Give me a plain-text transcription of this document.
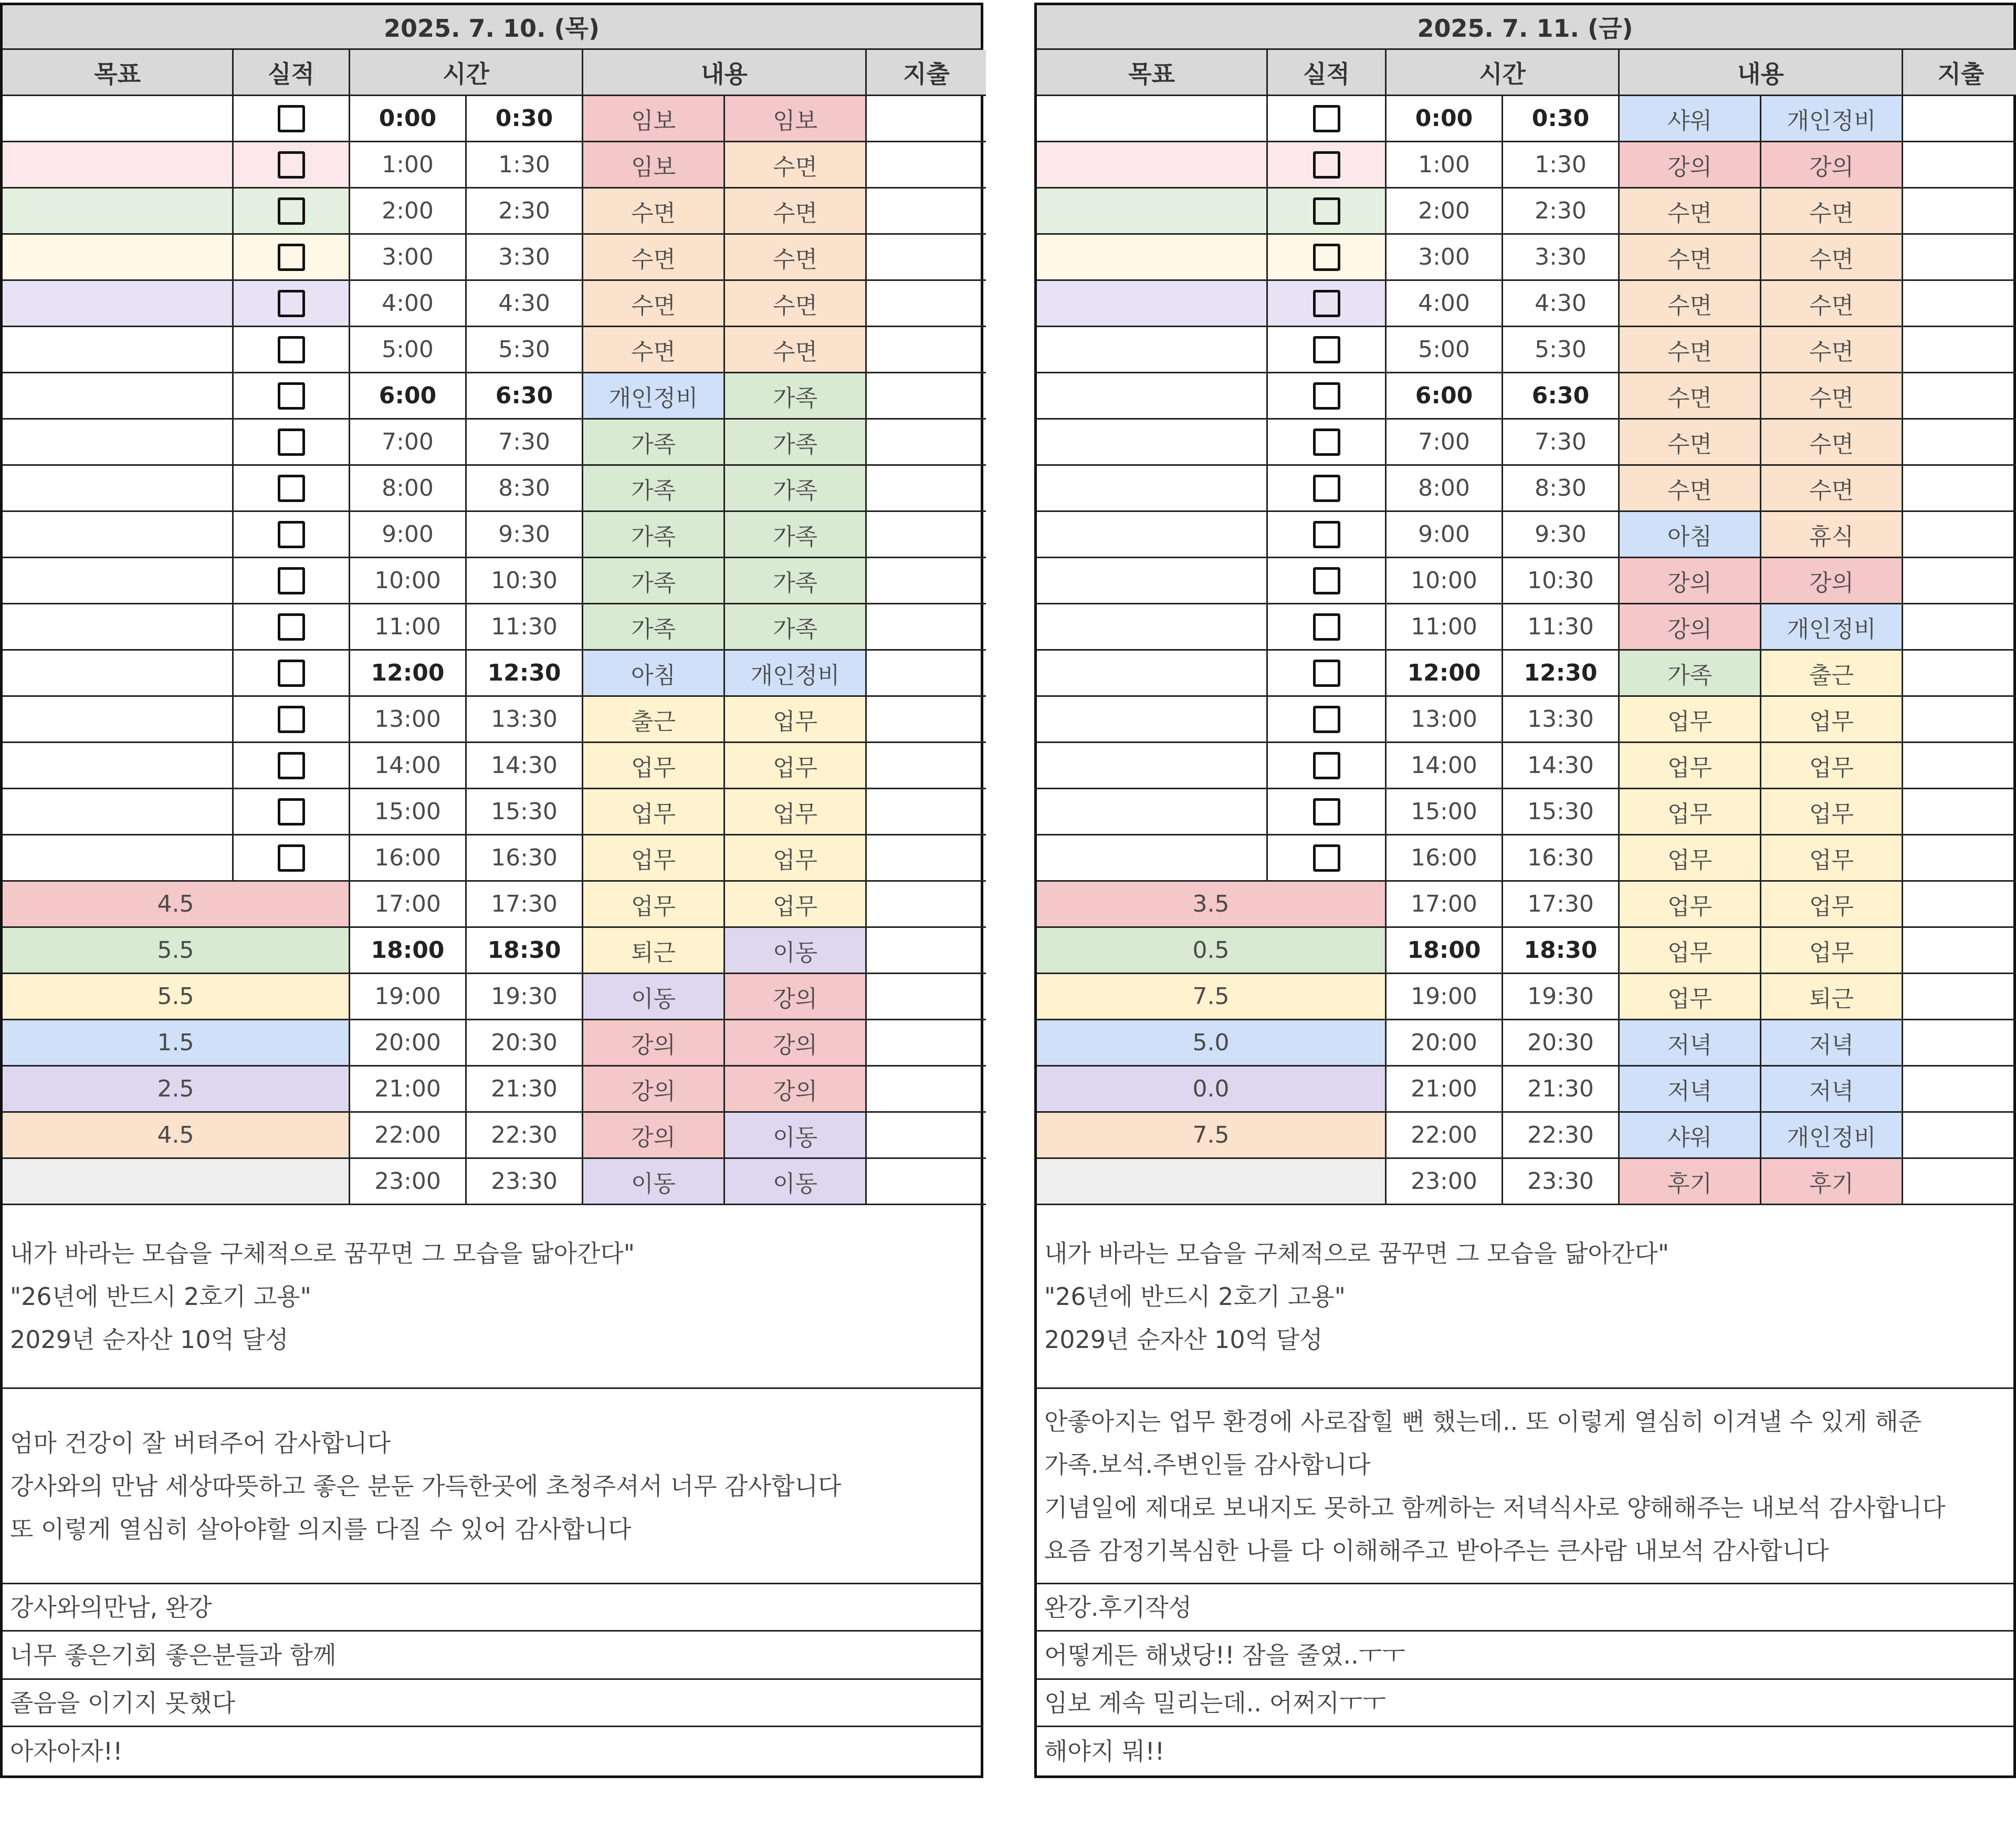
2025. 7. 10. (목)
목표	실적	시간	내용	지출
0:00	0:30	임보	임보
1:00	1:30	임보	수면
2:00	2:30	수면	수면
3:00	3:30	수면	수면
4:00	4:30	수면	수면
5:00	5:30	수면	수면
6:00	6:30	개인정비	가족
7:00	7:30	가족	가족
8:00	8:30	가족	가족
9:00	9:30	가족	가족
10:00	10:30	가족	가족
11:00	11:30	가족	가족
12:00	12:30	아침	개인정비
13:00	13:30	출근	업무
14:00	14:30	업무	업무
15:00	15:30	업무	업무
16:00	16:30	업무	업무
4.5	17:00	17:30	업무	업무
5.5	18:00	18:30	퇴근	이동
5.5	19:00	19:30	이동	강의
1.5	20:00	20:30	강의	강의
2.5	21:00	21:30	강의	강의
4.5	22:00	22:30	강의	이동
23:00	23:30	이동	이동
내가 바라는 모습을 구체적으로 꿈꾸면 그 모습을 닮아간다"
"26년에 반드시 2호기 고용"
2029년 순자산 10억 달성
엄마 건강이 잘 버텨주어 감사합니다
강사와의 만남 세상따뜻하고 좋은 분둔 가득한곳에 초청주셔서 너무 감사합니다
또 이렇게 열심히 살아야할 의지를 다질 수 있어 감사합니다
강사와의만남, 완강
너무 좋은기회 좋은분들과 함께
졸음을 이기지 못했다
아자아자!!
2025. 7. 11. (금)
목표	실적	시간	내용	지출
0:00	0:30	샤워	개인정비
1:00	1:30	강의	강의
2:00	2:30	수면	수면
3:00	3:30	수면	수면
4:00	4:30	수면	수면
5:00	5:30	수면	수면
6:00	6:30	수면	수면
7:00	7:30	수면	수면
8:00	8:30	수면	수면
9:00	9:30	아침	휴식
10:00	10:30	강의	강의
11:00	11:30	강의	개인정비
12:00	12:30	가족	출근
13:00	13:30	업무	업무
14:00	14:30	업무	업무
15:00	15:30	업무	업무
16:00	16:30	업무	업무
3.5	17:00	17:30	업무	업무
0.5	18:00	18:30	업무	업무
7.5	19:00	19:30	업무	퇴근
5.0	20:00	20:30	저녁	저녁
0.0	21:00	21:30	저녁	저녁
7.5	22:00	22:30	샤워	개인정비
23:00	23:30	후기	후기
내가 바라는 모습을 구체적으로 꿈꾸면 그 모습을 닮아간다"
"26년에 반드시 2호기 고용"
2029년 순자산 10억 달성
안좋아지는 업무 환경에 사로잡힐 뻔 했는데.. 또 이렇게 열심히 이겨낼 수 있게 해준
가족.보석.주변인들 감사합니다
기념일에 제대로 보내지도 못하고 함께하는 저녁식사로 양해해주는 내보석 감사합니다
요즘 감정기복심한 나를 다 이해해주고 받아주는 큰사람 내보석 감사합니다
완강.후기작성
어떻게든 해냈당!! 잠을 줄였..ㅜㅜ
임보 계속 밀리는데.. 어쩌지ㅜㅜ
해야지 뭐!!
